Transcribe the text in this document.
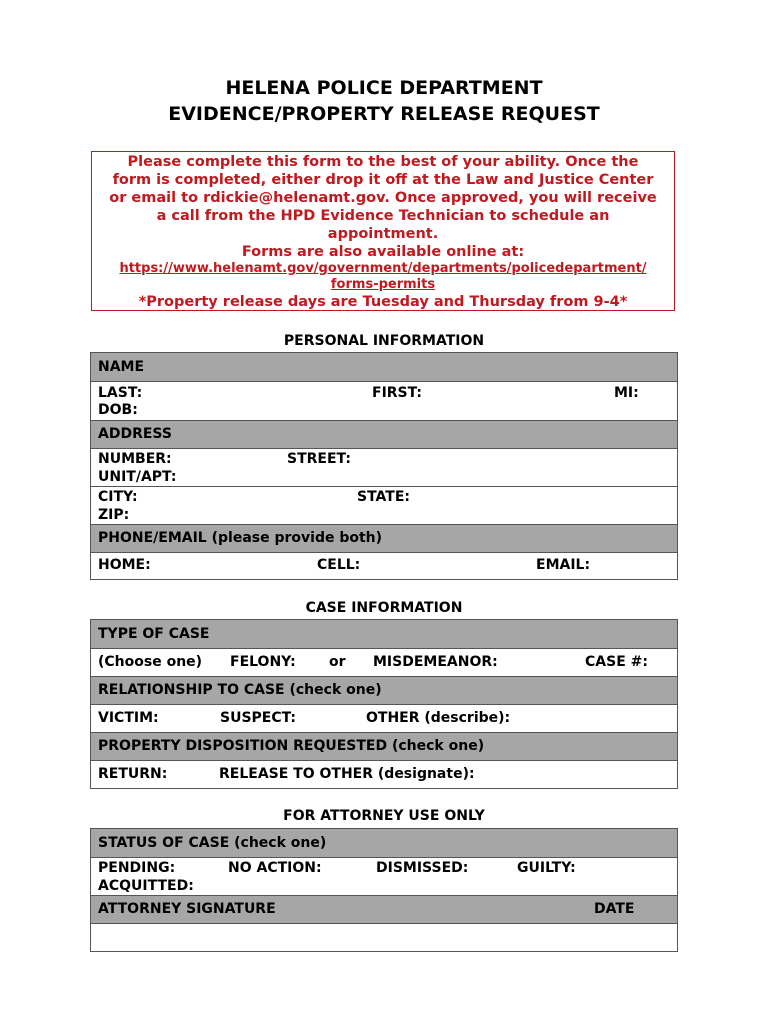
HELENA POLICE DEPARTMENT
EVIDENCE/PROPERTY RELEASE REQUEST
Please complete this form to the best of your ability. Once the
form is completed, either drop it off at the Law and Justice Center
or email to rdickie@helenamt.gov. Once approved, you will receive
a call from the HPD Evidence Technician to schedule an
appointment.
Forms are also available online at:
https://www.helenamt.gov/government/departments/policedepartment/
forms-permits
*Property release days are Tuesday and Thursday from 9-4*
PERSONAL INFORMATION
NAME
LAST:	FIRST:	MI:
DOB:
ADDRESS
NUMBER:	STREET:
UNIT/APT:
CITY:	STATE:
ZIP:
PHONE/EMAIL (please provide both)
HOME:	CELL:	EMAIL:
CASE INFORMATION
TYPE OF CASE
(Choose one) FELONY: or MISDEMEANOR:	CASE #:
RELATIONSHIP TO CASE (check one)
VICTIM:	SUSPECT:	OTHER (describe):
PROPERTY DISPOSITION REQUESTED (check one)
RETURN:	RELEASE TO OTHER (designate):
FOR ATTORNEY USE ONLY
STATUS OF CASE (check one)
PENDING:	NO ACTION:	DISMISSED:	GUILTY:
ACQUITTED:
ATTORNEY SIGNATURE	DATE
